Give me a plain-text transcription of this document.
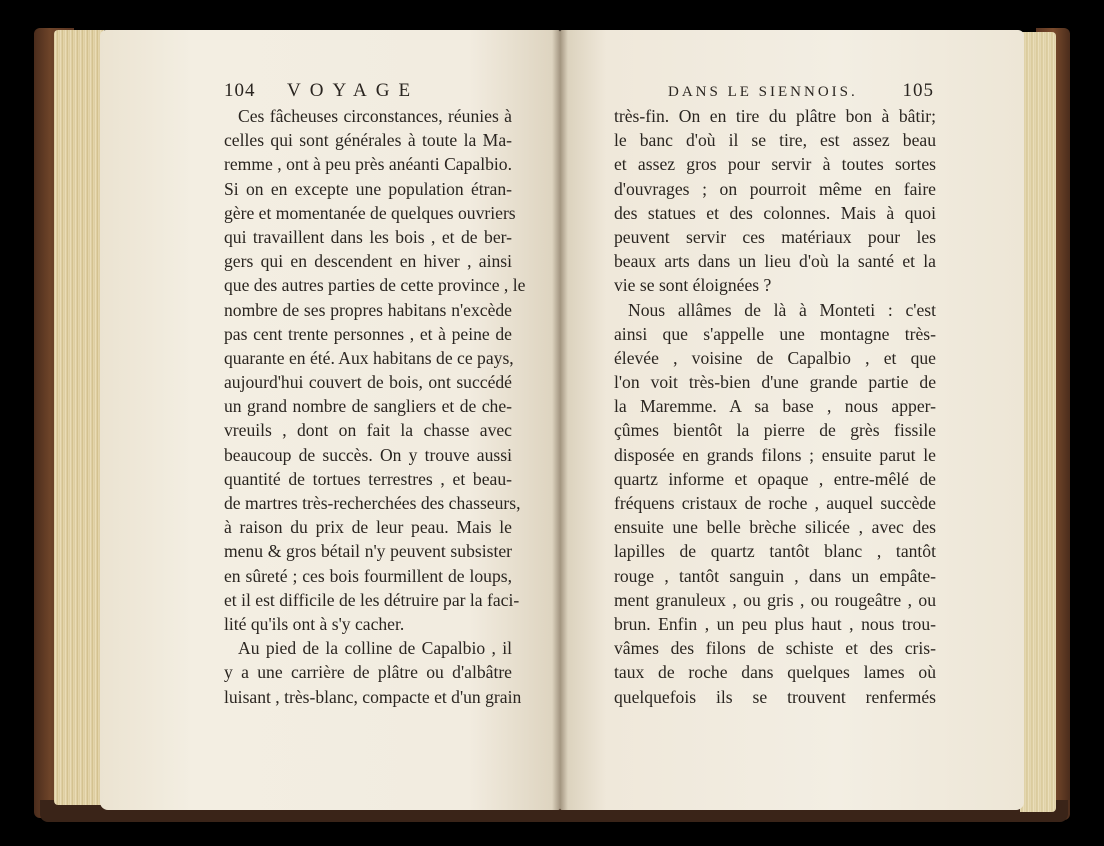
104 VOYAGE	DANS LE SIENNOIS. 105
Ces fâcheuses circonstances, réunies à
celles qui sont générales à toute la Ma-
remme , ont à peu près anéanti Capalbio.
Si on en excepte une population étran-
gère et momentanée de quelques ouvriers
qui travaillent dans les bois , et de ber-
gers qui en descendent en hiver , ainsi
que des autres parties de cette province , le
nombre de ses propres habitans n'excède
pas cent trente personnes , et à peine de
quarante en été. Aux habitans de ce pays,
aujourd'hui couvert de bois, ont succédé
un grand nombre de sangliers et de che-
vreuils , dont on fait la chasse avec
beaucoup de succès. On y trouve aussi
quantité de tortues terrestres , et beau-
de martres très-recherchées des chasseurs,
à raison du prix de leur peau. Mais le
menu & gros bétail n'y peuvent subsister
en sûreté ; ces bois fourmillent de loups,
et il est difficile de les détruire par la faci-
lité qu'ils ont à s'y cacher.
Au pied de la colline de Capalbio , il
y a une carrière de plâtre ou d'albâtre
luisant , très-blanc, compacte et d'un grain
très-fin. On en tire du plâtre bon à bâtir;
le banc d'où il se tire, est assez beau
et assez gros pour servir à toutes sortes
d'ouvrages ; on pourroit même en faire
des statues et des colonnes. Mais à quoi
peuvent servir ces matériaux pour les
beaux arts dans un lieu d'où la santé et la
vie se sont éloignées ?
Nous allâmes de là à Monteti : c'est
ainsi que s'appelle une montagne très-
élevée , voisine de Capalbio , et que
l'on voit très-bien d'une grande partie de
la Maremme. A sa base , nous apper-
çûmes bientôt la pierre de grès fissile
disposée en grands filons ; ensuite parut le
quartz informe et opaque , entre-mêlé de
fréquens cristaux de roche , auquel succède
ensuite une belle brèche silicée , avec des
lapilles de quartz tantôt blanc , tantôt
rouge , tantôt sanguin , dans un empâte-
ment granuleux , ou gris , ou rougeâtre , ou
brun. Enfin , un peu plus haut , nous trou-
vâmes des filons de schiste et des cris-
taux de roche dans quelques lames où
quelquefois ils se trouvent renfermés
